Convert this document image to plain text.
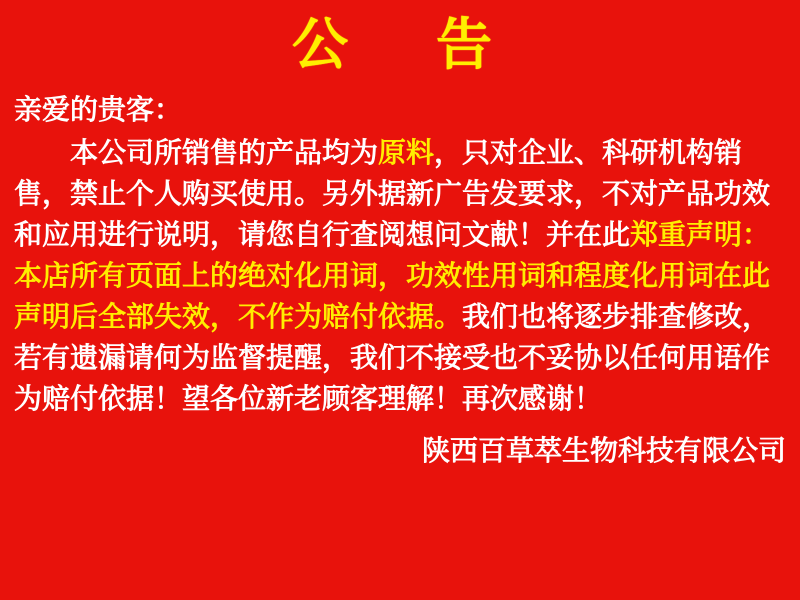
公　告

亲爱的贵客：

本公司所销售的产品均为原料，只对企业、科研机构销售，禁止个人购买使用。另外据新广告发要求，不对产品功效和应用进行说明，请您自行查阅想问文献！并在此郑重声明：本店所有页面上的绝对化用词，功效性用词和程度化用词在此声明后全部失效，不作为赔付依据。我们也将逐步排查修改，若有遗漏请何为监督提醒，我们不接受也不妥协以任何用语作为赔付依据！望各位新老顾客理解！再次感谢！

陕西百草萃生物科技有限公司
